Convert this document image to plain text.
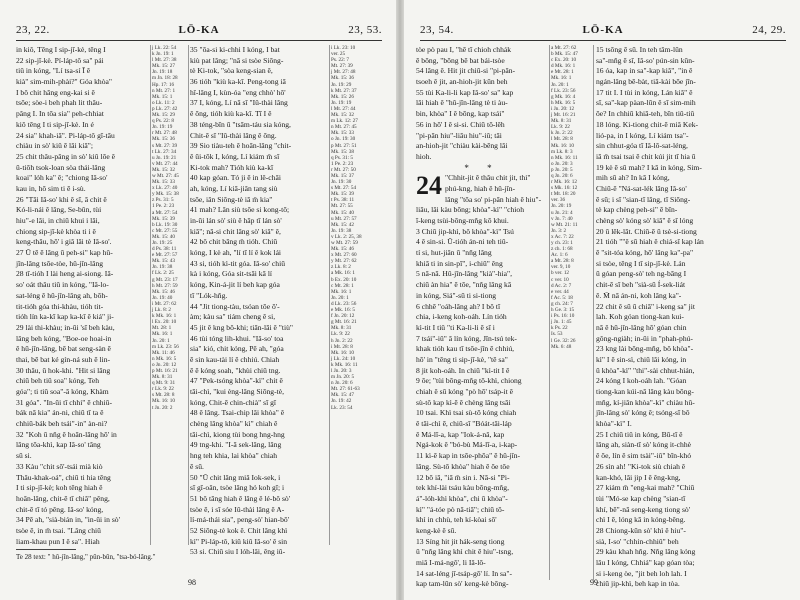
23, 22.	LŌ-KA	23, 53.
in kiô, Tēng I sip-jī-kè, tēng I
22 sip-jī-kè. Pí-láp-tô sa" pái
tiû in kóng, "Lí tsa-sí Ī ê
kià" sim-mih-phài?" Góa khòa"
I bô chit hāng eng-kai si ê
tsōe; sòe-i beh phah lit thâu-
pâng I. In tōa sia" peh-chhiat
kiô tēng I ti sip-jī-kè. In é
24 sia" khah-iā". Pi-láp-tô gī-tāu
chiàu in sò' kiû ē lâi kiā";
25 chit thâu-pâng in sò' kiû lōe ê
ū-tiōh tsok-loan sòa thái-lâng
koai" lóh ka" ê; "chiong Iâ-so'
kau in, hō sim ti ē i-sù.
26 "Tāi Iâ-so' khi ê sī, ā chit ê
Kó-li-nái ê lâng, Se-bûn, tùi
hiu"-e lâi, in chiū khui i lâi,
chiong sip-jī-kè khòa ti i ê
keng-thâu, hō' i giâ lâi tè Iâ-so'.
27 Ū tē ē lâng ū peh-si" kap hû-
jîn-lâng tsōe-tòe, hû-jîn-lâng
28 tī-tióh I lài heng ai-siong. Iâ-
so' oát thâu tiû in kóng, "Iâ-lo-
sat-léng ê hû-jîn-lâng ah, bōh-
tit-tióh góa thi-khàu, tióh tit-
tióh lín ka-kī kap ka-kī ê kiá" ji-
29 lài thi-khàu; in-ūi 'sī beh kàu,
lâng beh kóng, "Boe-oe hoai-in
ê hū-jîn-lâng, bē bat seng-sàn ē
thai, bē bat ké gín-ná suh ē lin-
30 thâu, ū hok-khi. "Hit si lâng
chiū beh tiû soa" kóng, Teh
góa"; ti tiû soa"-ā kóng, Khàm
31 góa". "In-ūi tī chhi" ē chhiū-
bák nā kia" án-ni, chiū tī ta ê
chhiū-bák beh tsái"-in" àn-ni?
32 "Koh ū nñg ê hoān-lāng hō' in
lâng tōa-khì, kap Iâ-so' tâng
sū si.
33 Kàu "chit sō'-tsái mià kiò
Thâu-khak-oá", chiū ti hia tēng
I ti sip-jī-kè; koh tēng hiah ê
hoān-lâng, chit-ē tī chiâ" pêng,
chit-ē tī tó pêng. Iâ-so' kóng,
34 Pē ah, "sià-bián in, "in-ūi in sò'
tsòe ē, in m̄ tsai. "Lâng chiū
liam-khau pun I ê sa". Hiah
j Lk. 22: 54
k Jn. 19: 1
l Mt. 27: 38
Mk. 15: 27
Jn. 19: 18
m Jn. 18: 28
Hp. 17: 16
n Mt. 27: 1
Mk. 15: 1
o Lk. 11: 2
p Lk. 27: 42
Mk. 15: 29
q Ps. 22: 8
Jn. 19: 19
r Mt. 27: 48
Mk. 15: 36
s Mt. 27: 39
t Lk. 27: 34
u Jn. 19: 21
v Mt. 27: 44
Mk. 15: 32
w Mt. 27: 45
Mk. 15: 33
x Lk. 27: 40
y Mk. 15: 38
z Ps. 31: 5
1 Pe. 2: 23
a Mt. 27: 54
Mk. 15: 39
b Lk. 19: 30
c Mt. 27: 55
Mk. 15: 40
Jn. 19: 25
d Ps. 38: 11
e Mt. 27: 57
Mk. 15: 43
Jn. 19: 38
f Lk. 2: 25
g Mt. 23: 17
h Mt. 27: 59
Mk. 15: 46
Jn. 19: 40
i Mt. 27: 62
j Lk. 8: 2
k Mk. 16: 1
l Ex. 20: 10
Mt. 28: 1
Mk. 16: 1
Jn. 20: 1
m Lk. 23: 56
Mk. 11: 46
n Mk. 16: 5
o Jn. 20: 12
p Mt. 16: 21
Mk. 8: 31
q Mt. 9: 31
r Lk. 9: 22
s Mt. 28: 8
Mk. 16: 10
t Jn. 20: 2
35 "ōa-si ki-chhi I kóng, I bat
kiù pat lâng; "nā si tsòe Siōng-
tè Ki-tok, "sòa keng-sian ê,
36 tióh "kiù ka-kī. Peng-tong iā
hî-lâng I, kùn-óa "eng chhò' hō'
37 I, kóng, Lí nā sī "Iû-thài lâng
ê ōng, tióh kiù ka-kī. Tī I ê
38 téng-bīn ū "tsām-táu sia kóng,
Chit-ē sī "Iû-thài lâng ê ōng.
39 Sio tiàu-teh ê hoān-lâng "chit-
ê ūi-tōk I, kóng, Lí kiám m̄ sī
Ki-tok mah? Tióh kiù ka-kī
40 kap góan. Tó ji ē in lê-chāi
ah, kóng, Lí kiā-jiân tang siù
tsōe, iân Siōng-tè iā m̄ kia"
41 mah? Lân siù tsōe si kong-tō;
in-ūi lán sò' siù ê hāp tī lán sò'
kiā"; nā-si chit lâng sò' kiâ" ê,
42 bô chit bāng m̄ tióh. Chiū
kóng, I kè ah, "lí tī lí ê kok lái
43 si, tióh kì-tit góa. Iâ-so' chiū
kà i kóng, Góa sit-tsāi kā lí
kóng, Kin-á-jit lí beh kap góa
tī "Lók-hñg.
44 "Jit tiong-tàu, tsóan tōe ō'-
àm; kàu sa" tiám cheng ê si,
45 jit ê kng bô-khi; tiān-lāi ê "tiù"
46 tùi tóng lih-khui. "Iâ-so' toa
sia" kió, chit kóng, Pē ah, "góa
ē sin kau-tài lí ê chhiú. Chiah
ē ē kóng soah, "khùi chiū tng.
47 "Pek-tsóng khòa"-kì" chit ê
tāi-chì, "kui èng-lâng Siōng-tè,
kóng, Chit-ē chin-chià" sī gī
48 ê lâng. Tsai-chip lâi khòa" ê
chèng lâng khòa" kì" chiah ê
tāi-chì, kiong tùi bong hng-hng
49 tng-khi. "I-ā sek-lâng, lâng
hng teh khia, lai khòa" chiah
ē sū.
50 "Ū chit lâng miâ Iok-sek, i
sī gī-oân, tsòe lâng hó koh gī; i
51 bô tāng hiah ê lâng ê lé-bô sò'
tsòe ē, i sī sóe Iû-thài lâng ê A-
lí-má-thái sia", peng-sò' hian-bō'
52 Siōng-tè kok ê. Chit lâng khì
kì" Pi-láp-tô, kiû kiû Iâ-so' ê sin
53 si. Chiū siu I lóh-lâi, êng iû-
i Lk. 23: 10
ver. 25
Ps. 22: 7
Mt. 27: 39
j Mt. 27: 48
Mk. 15: 36
Jn. 19: 29
k Mt. 27: 37
Mk. 15: 26
Jn. 19: 19
l Mt. 27: 44
Mk. 15: 32
m Lk. 12: 27
n Mt. 27: 45
Mk. 15: 33
o Jn. 19: 30
p Mt. 27: 51
Mk. 15: 38
q Ps. 31: 5
1 Pe. 2: 23
r Mt. 27: 50
Mk. 15: 37
Jn. 19: 30
s Mt. 27: 54
Mk. 15: 39
t Ps. 38: 11
Mt. 27: 55
Mk. 15: 40
u Mt. 27: 57
Mk. 15: 42
Jn. 19: 38
v Lk. 2: 25, 38
w Mt. 27: 59
Mk. 15: 46
x Mt. 27: 60
y Mt. 27: 62
z Lk. 8: 2
a Mk. 16: 1
b Ex. 20: 10
c Mt. 28: 1
Mk. 16: 1
Jn. 20: 1
d Lk. 23: 56
e Mk. 16: 5
f Jn. 20: 12
g Mt. 16: 21
Mk. 8: 31
Lk. 9: 22
h Jn. 2: 22
i Mt. 28: 8
Mk. 16: 10
j Lk. 24: 10
k Mk. 16: 11
l Jn. 20: 3
m Jn. 20: 5
n Jn. 20: 6
Mt. 27: 61-63
Mk. 15: 47
Jn. 19: 42
Lk. 23: 54
Te 28 text: " hû-jîn-lâng," pûn-bûn, "tsa-bó-lâng."
98
23, 54.	LŌ-KA	24, 29.
tòe pò pau I, "hē tī chioh chhák
ē bōng, "bōng bē bat bái-tsòe
54 lâng ê. Hit jit chiū-si "pi-pān-
tsoeh ê jit, an-hioh-jit kūn beh
55 tùi Ka-li-li kap Iâ-so' sa" kap
lâi hiah ê "hû-jîn-lâng tè ti àu-
bin, khòa" I ê bōng, kap tsái"
56 in hō' I ê si-si. Chiū tō-lêh
"pi-pān hiu"-liāu hiu"-iû; tāi
an-hioh-jit "chiàu kài-bēng lâi
hioh.
* *
24 "Chhit-jit ê thâu chit jit, thi"
phú-kng, hiah ê hû-jîn-
lâng "tōa so' pi-pān hiah ê hiu"-
liāu, lâi kàu bōng; khòa"-kì" "chioh
ī-keng tsùi-bōng-mñg kō khui.
3 Chiū jip-khì, bô khòa"-kì" Tsú
4 ê sin-si. Ū-tióh án-ni teh tiû-
tí si, hut-jiân ū "nñg lâng
khiā ti in sin-pī", i-chiū" êng
5 nā-nā. Hû-jîn-lâng "kià"-hia",
chiū àn hia" ē tōe, "nñg lâng kā
in kóng, Siá"-sū ti si-tiong
6 chhē "oáh-lâng ah? I bô tī
chia, i-keng koh-oáh. Lín tióh
kì-tit I tiû "ti Ka-li-li ē sī i
7 tsái"-iû" ā lín kóng, Jîn-tsú tek-
khak tióh kau tī tsōe-jîn ē chhiú,
hō' in "tēng ti sip-jī-kè, "tē sa"
8 jit koh-oáh. In chiū "kì-tit I ê
9 ōe; "tùi bōng-mñg tō-khì, chiong
chiah ê sū kóng "pò hō' tsáp-it ê
sù-tô kap kì-ē ê chèng lâng tsāi
10 tsai. Khì tsai sù-tō kóng chiah
ê tāi-chì ē, chiū-sī "Bóát-tāi-láp
ê Má-lī-a, kap "Iok-á-nâ, kap
Ngá-kok ê "bó-bù Má-lī-a, i-kap-
11 kì-ē kap in tsōe-phōa" ē hû-jîn-
lâng. Sù-tō khòa" hiah ē ōe tōe
12 bō iā, "iā m̄ sin i. Nā-si "Pi-
tek khí-lài tsáu kàu bōng-mñg,
á"-lóh-khì khòa", chi ū khòa"-
kì" "á-tóe pò nā-tiā"; chiū tō-
khì in chhù, teh kí-kòai sō'
keng-kè ê sū.
13 Síng hit jit hák-seng tiong
ū "nñg lâng khì chit ē hiu"-tsng,
miâ I-má-ngô', li Iâ-lō-
14 sat-léng jī-tsáp-gō' lí. In sa"-
kap tam-lūn sò' keng-kè bōng-
a Mt. 27: 62
b Mk. 15: 47
c Ex. 20: 10
d Mk. 16: 1
e Mt. 28: 1
Mk. 16: 1
Jn. 20: 1
f Lk. 23: 56
g Mk. 16: 4
h Mk. 16: 5
i Jn. 20: 12
j Mt. 16: 21
Mk. 8: 31
Lk. 9: 22
k Jn. 2: 22
l Mt. 28: 8
Mk. 16: 10
m Lk. 8: 3
n Mk. 16: 11
o Jn. 20: 3
p Jn. 20: 5
q Jn. 20: 6
r Mk. 16: 12
s Mk. 16: 12
t Mt. 18: 20
ver. 36
Jn. 20: 19
u Jn. 21: 4
v Jn. 7: 40
w Mt. 21: 11
Jn. 3: 2
x Ac. 7: 22
y ch. 23: 1
z ch. 1: 68
Ac. 1: 6
a Mt. 28: 8
ver. 9, 10
b ver. 12
c ver. 10
d Ac. 2: 7
e ver. 44
f Ac. 5: 18
g ch. 24: 7
h Ge. 3: 15
i Ps. 16: 10
j Jn. 1: 45
k Ps. 22
Is. 53
l Ge. 32: 26
Mk. 6: 48
15 tsōng ē sū. In teh tâm-lūn
sa"-mñg ē sī, Iâ-so' pún-sin kūn-
16 óa, kap in sa"-kap kiâ", "in ê
ngán-lâng bē-bàt, tiā-kài bōe jīn-
17 tit I. I tùi in kóng, Lán kiâ" ê
sī, sa"-kap pàan-lūn ê sī sim-mih
ōe? In chhiū khiā-teh, bīn tiû-tiû
18 lóng. Ki-tiong chit-ē miâ Kek-
lió-pa, in I kóng, Lí kiám tsa"-
sin chhut-góa tī Iâ-lō-sat-léng,
iā m̄ tsai tsai ē chit kúi jit tī hia ū
19 kè ē sū mah? I kā in kóng, Sim-
mih sū ah? In kā I kóng,
Chiū-ē "Ná-sat-lék lâng Iâ-so'
ē sū; i sī "sian-tī lâng, tī Siōng-
tè kap chèng peh-si" ē bīn-
chèng sò' kóng sò' kiâ" ê sī lóng
20 ū lêk-lāt. Chiū-ē ū tsè-si-tiong
21 tióh ""ê sū hiah ê chiá-sî kap lán
ē "sit-tóa kóng, hō' lâng ka"-pa"
si tsòe, tēng I tī sip-jī-kè. Lán
ū góan peng-sò' teh ng-bāng I
chit-ē sī beh "sià-sū Í-sek-liát
ê. M̄ nā án-ni, koh lâng ka"-
22 chit ê sū ū chiā" i-keng sa" jit
lah. Koh góan tiong-kan kui-
nā ê hū-jîn-lâng hō' góan chin
gông-ngiàh; in-ūi in "phah-phú-
23 kng lài bōng-mñg, bô khòa"-
kì" I ê sin-sì, chiū lâi kóng, in
ū khòa"-kì" "thi"-sài chhut-hián,
24 kóng I koh-oáh lah. "Góan
tiong-kan kúi-nā lâng kàu bōng-
mñg, kí-jiân khòa"-kì" chiàu hû-
jîn-lâng sò' kóng ê; tsóng-sī bô
khòa"-kì" I.
25 I chiū tiû in kóng, Bū-tī ê
lâng ah, siàn-tī sò' kóng it-chhè
ê ōe, lín ê sim tsài"-iû" bīn-khó
26 sìn ah! "Ki-tok siù chiah ê
kan-khó, lâi jip I ê êng-kng,
27 kiám m̄ "eng-kai mah? "Chiū
tùi "Mó-se kap chèng "sian-tī
khí, bē"-nā seng-keng tiong sò'
chì I ē, lóng kā in kóng-bêng.
28 Chiong-kūn sò' khì ê hiu"-
sià, I-so' "chhin-chhiû" beh
29 kàu khah hñg. Nñg lâng kóng
lâu I kóng, Chhiá" kap góan tòa;
si i-keng òe, "jit beh loh lah. I
chiū jip-khì, beh kap in tòa.
99
